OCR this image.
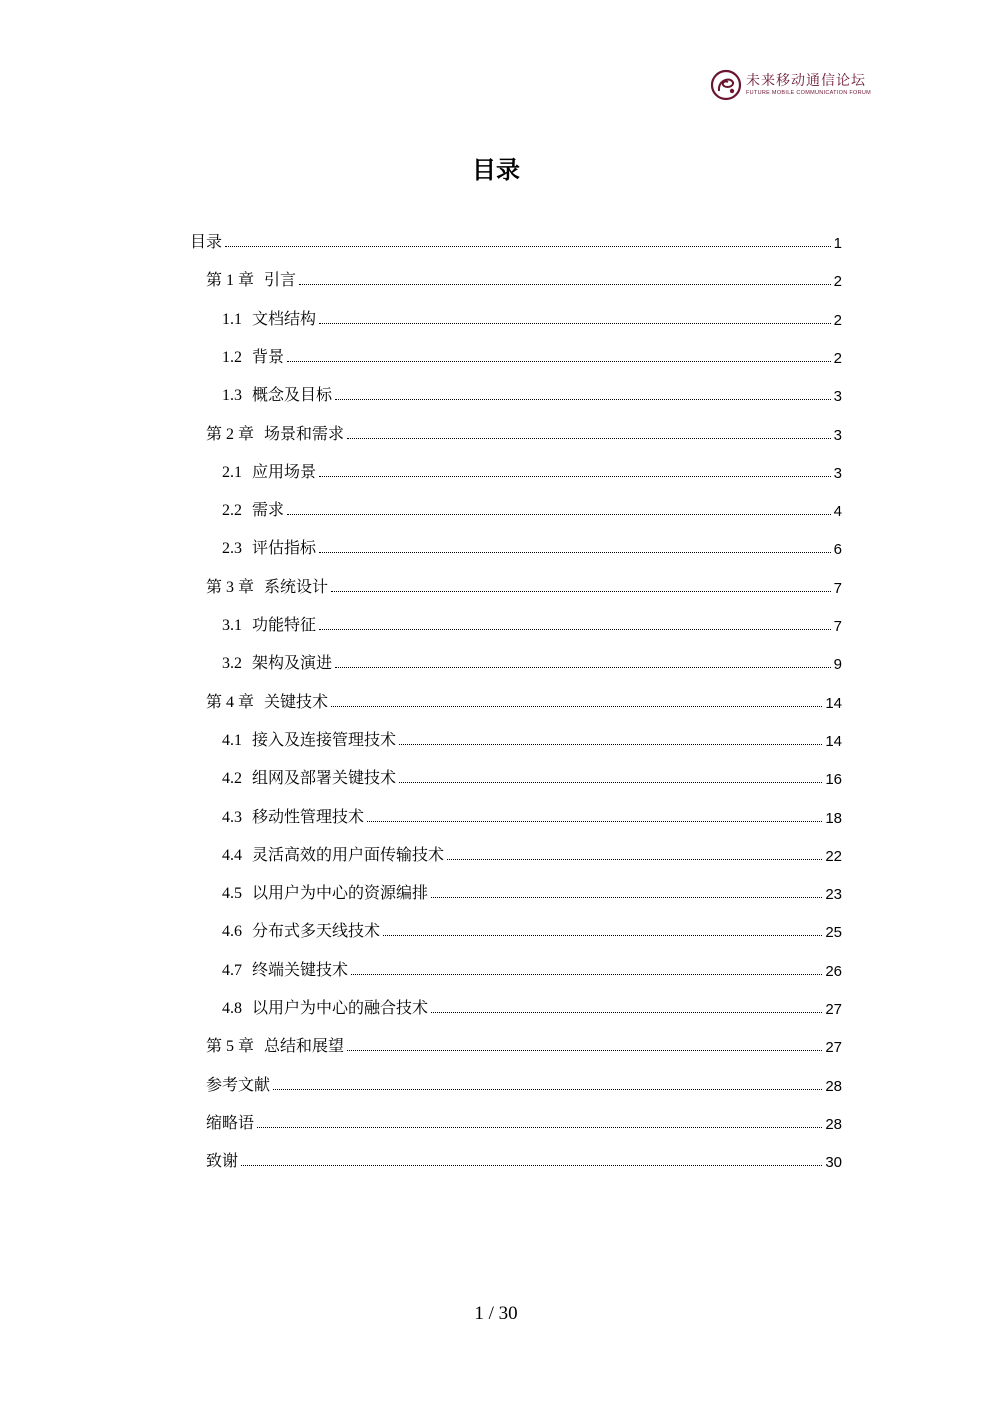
未来移动通信论坛
FUTURE MOBILE COMMUNICATION FORUM
目录
目录	1
第 1 章 引言	2
1.1 文档结构	2
1.2 背景	2
1.3 概念及目标	3
第 2 章 场景和需求	3
2.1 应用场景	3
2.2 需求	4
2.3 评估指标	6
第 3 章 系统设计	7
3.1 功能特征	7
3.2 架构及演进	9
第 4 章 关键技术	14
4.1 接入及连接管理技术	14
4.2 组网及部署关键技术	16
4.3 移动性管理技术	18
4.4 灵活高效的用户面传输技术	22
4.5 以用户为中心的资源编排	23
4.6 分布式多天线技术	25
4.7 终端关键技术	26
4.8 以用户为中心的融合技术	27
第 5 章 总结和展望	27
参考文献	28
缩略语	28
致谢	30
1 / 30
